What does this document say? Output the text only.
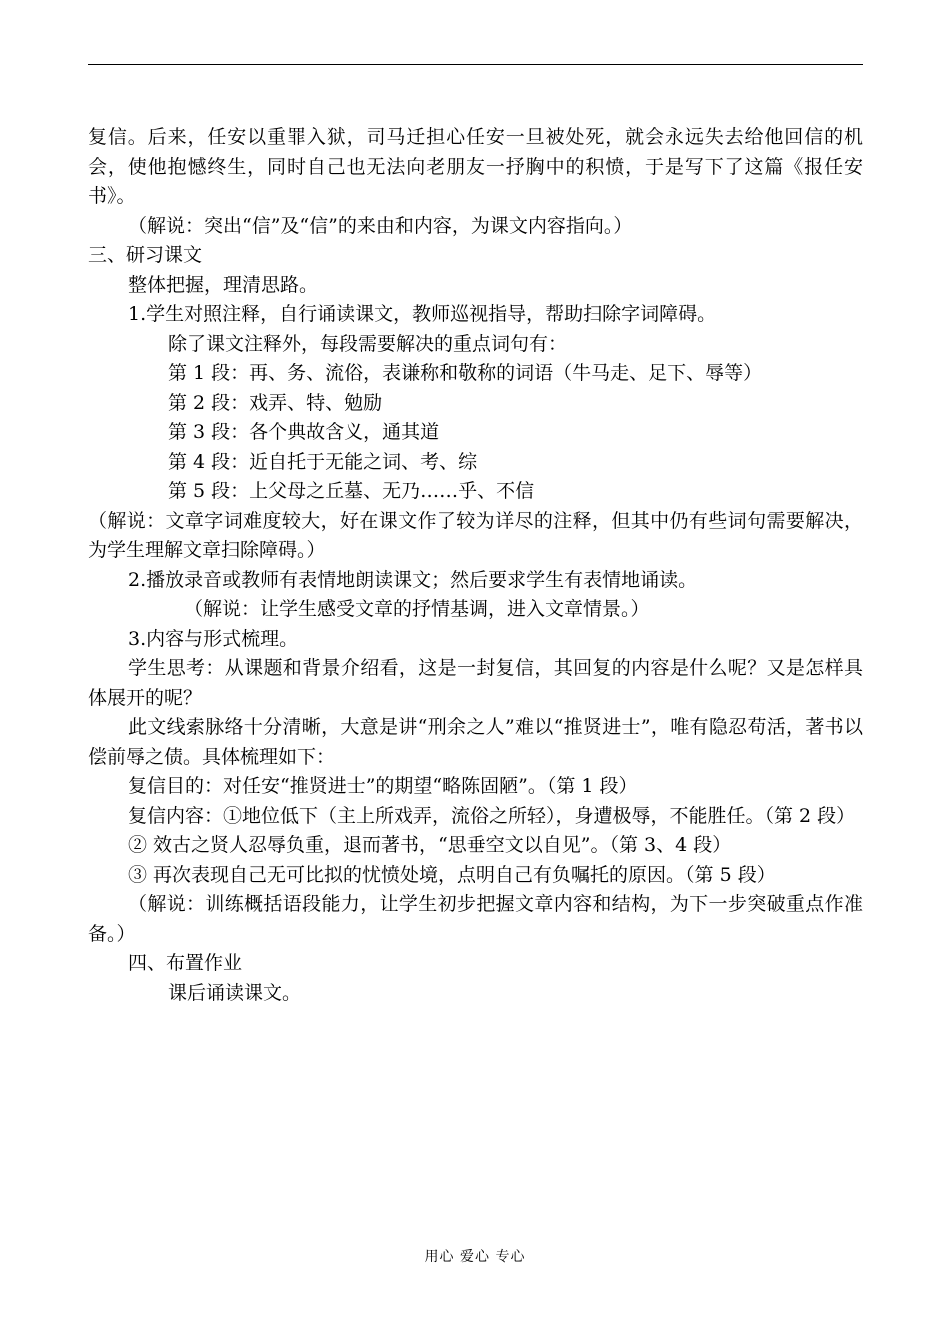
复信。后来，任安以重罪入狱，司马迁担心任安一旦被处死，就会永远失去给他回信的机会，使他抱憾终生，同时自己也无法向老朋友一抒胸中的积愤，于是写下了这篇《报任安书》。

（解说：突出“信”及“信”的来由和内容，为课文内容指向。）

三、研习课文

整体把握，理清思路。

1.学生对照注释，自行诵读课文，教师巡视指导，帮助扫除字词障碍。

除了课文注释外，每段需要解决的重点词句有：

第 1 段：再、务、流俗，表谦称和敬称的词语（牛马走、足下、辱等）

第 2 段：戏弄、特、勉励

第 3 段：各个典故含义，通其道

第 4 段：近自托于无能之词、考、综

第 5 段：上父母之丘墓、无乃……乎、不信

（解说：文章字词难度较大，好在课文作了较为详尽的注释，但其中仍有些词句需要解决，为学生理解文章扫除障碍。）

2.播放录音或教师有表情地朗读课文；然后要求学生有表情地诵读。

（解说：让学生感受文章的抒情基调，进入文章情景。）

3.内容与形式梳理。

学生思考：从课题和背景介绍看，这是一封复信，其回复的内容是什么呢？又是怎样具体展开的呢？

此文线索脉络十分清晰，大意是讲“刑余之人”难以“推贤进士”，唯有隐忍苟活，著书以偿前辱之债。具体梳理如下：

复信目的：对任安“推贤进士”的期望“略陈固陋”。（第 1 段）

复信内容：①地位低下（主上所戏弄，流俗之所轻），身遭极辱，不能胜任。（第 2 段）

② 效古之贤人忍辱负重，退而著书，“思垂空文以自见”。（第 3、4 段）

③ 再次表现自己无可比拟的忧愤处境，点明自己有负嘱托的原因。（第 5 段）

（解说：训练概括语段能力，让学生初步把握文章内容和结构，为下一步突破重点作准备。）

四、布置作业

课后诵读课文。

用心 爱心 专心
